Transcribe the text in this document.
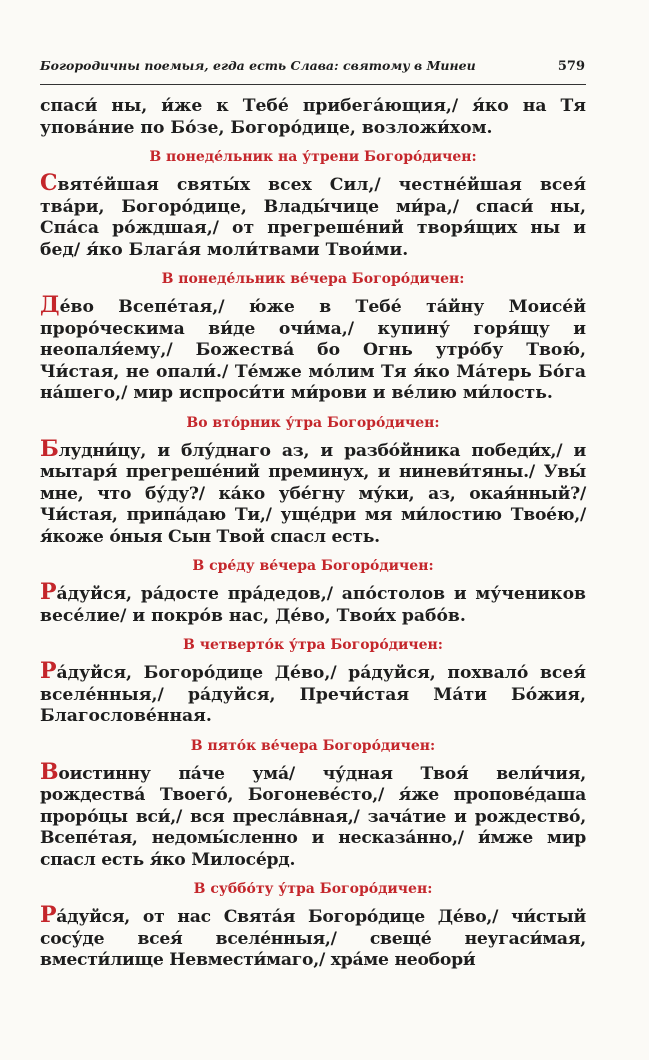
Богородичны поемыя, егда есть Слава: святому в Минеи	579

спаси́ ны, и́же к Тебе́ прибега́ющия,/ я́ко на Тя упова́ние по Бо́зе, Богоро́дице, возложи́хом.

В понеде́льник на у́трени Богоро́дичен:

Святе́йшая святы́х всех Сил,/ честне́йшая всея́ тва́ри, Богоро́дице, Влады́чице ми́ра,/ спаси́ ны, Спа́са ро́ждшая,/ от прегреше́ний творя́щих ны и бед/ я́ко Блага́я моли́твами Твои́ми.

В понеде́льник ве́чера Богоро́дичен:

Де́во Всепе́тая,/ ю́же в Тебе́ та́йну Моисе́й проро́ческима ви́де очи́ма,/ купину́ горя́щу и неопаля́ему,/ Божества́ бо Огнь утро́бу Твою́, Чи́стая, не опали́./ Те́мже мо́лим Тя я́ко Ма́терь Бо́га на́шего,/ мир испроси́ти ми́рови и ве́лию ми́лость.

Во вто́рник у́тра Богоро́дичен:

Блудни́цу, и блу́днаго аз, и разбо́йника победи́х,/ и мытаря́ прегреше́ний преминух, и ниневи́тяны./ Увы́ мне, что бу́ду?/ ка́ко убе́гну му́ки, аз, окая́нный?/ Чи́стая, припа́даю Ти,/ уще́дри мя ми́лостию Твое́ю,/ я́коже о́ныя Сын Твой спасл есть.

В сре́ду ве́чера Богоро́дичен:

Ра́дуйся, ра́досте пра́дедов,/ апо́столов и му́чеников весе́лие/ и покро́в нас, Де́во, Твои́х рабо́в.

В четверто́к у́тра Богоро́дичен:

Ра́дуйся, Богоро́дице Де́во,/ ра́дуйся, похвало́ всея́ вселе́нныя,/ ра́дуйся, Пречи́стая Ма́ти Бо́жия, Благослове́нная.

В пято́к ве́чера Богоро́дичен:

Воистинну па́че ума́/ чу́дная Твоя́ вели́чия, рождества́ Твоего́, Богоневе́сто,/ я́же пропове́даша проро́цы вси́,/ вся пресла́вная,/ зача́тие и рождество́, Всепе́тая, недомы́сленно и несказа́нно,/ и́мже мир спасл есть я́ко Милосе́рд.

В суббо́ту у́тра Богоро́дичен:

Ра́дуйся, от нас Свята́я Богоро́дице Де́во,/ чи́стый сосу́де всея́ вселе́нныя,/ свеще́ неугаси́мая, вмести́лище Невмести́маго,/ хра́ме необори́
